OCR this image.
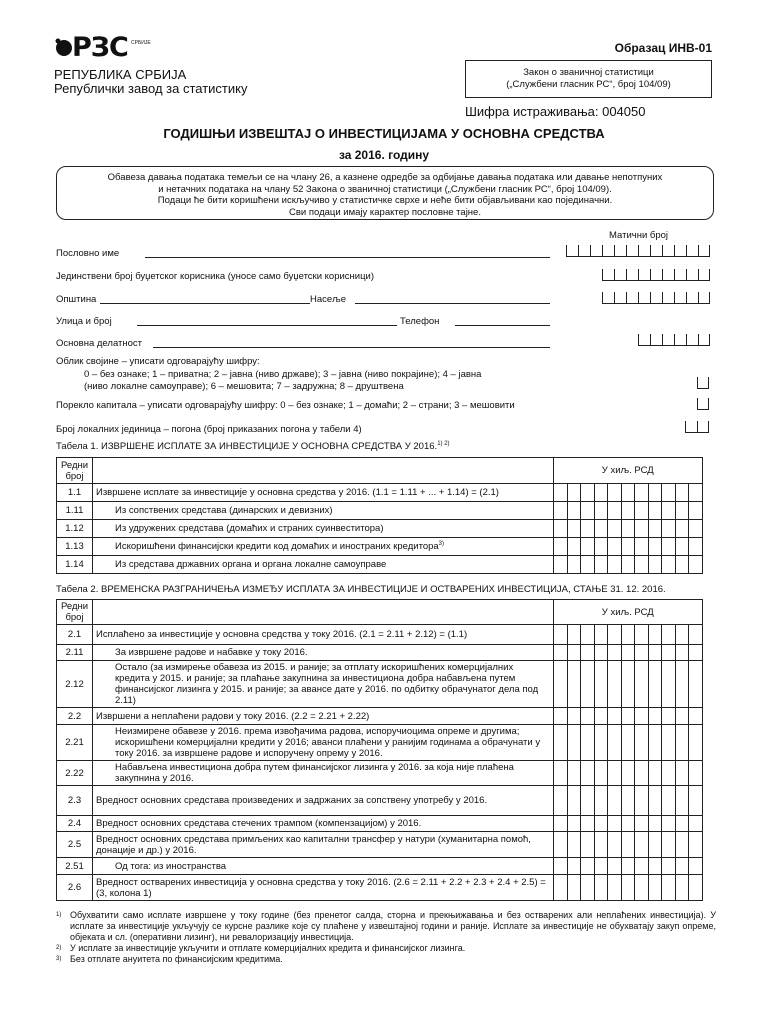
РЗС СРБИЈЕ	Образац ИНВ-01
РЕПУБЛИКА СРБИЈА
Републички завод за статистику
Закон о званичној статистици
(„Службени гласник РС“, број 104/09)
Шифра истраживања: 004050
ГОДИШЊИ ИЗВЕШТАЈ О ИНВЕСТИЦИЈАМА У ОСНОВНА СРЕДСТВА
за 2016. годину
Обавеза давања података темељи се на члану 26, а казнене одредбе за одбијање давања података или давање непотпуних
и нетачних података на члану 52 Закона о званичној статистици („Службени гласник РС“, број 104/09).
Подаци ће бити коришћени искључиво у статистичке сврхе и неће бити објављивани као појединачни.
Сви подаци имају карактер пословне тајне.
Матични број
Пословно име
Јединствени број буџетског корисника (уносе само буџетски корисници)
Општина	Насеље
Улица и број	Телефон
Основна делатност
Облик својине – уписати одговарајућу шифру:
0 – без ознаке; 1 – приватна; 2 – јавна (ниво државе); 3 – јавна (ниво покрајине); 4 – јавна
(ниво локалне самоуправе); 6 – мешовита; 7 – задружна; 8 – друштвена
Порекло капитала – уписати одговарајућу шифру: 0 – без ознаке; 1 – домаћи; 2 – страни; 3 – мешовити
Број локалних јединица – погона (број приказаних погона у табели 4)
Табела 1. ИЗВРШЕНЕ ИСПЛАТЕ ЗА ИНВЕСТИЦИЈЕ У ОСНОВНА СРЕДСТВА У 2016.$^{1) 2)}$
Редни број		У хиљ. РСД										
1.1	Извршене исплате за инвестиције у основна средства у 2016. (1.1 = 1.11 + ... + 1.14) = (2.1)											
1.11	Из сопствених средстава (динарских и девизних)											
1.12	Из удружених средстава (домаћих и страних суинвеститора)											
1.13	Искоришћени финансијски кредити код домаћих и иностраних кредитора$^{3)}$											
1.14	Из средстава државних органа и органа локалне самоуправе											
Табела 2. ВРЕМЕНСКА РАЗГРАНИЧЕЊА ИЗМЕЂУ ИСПЛАТА ЗА ИНВЕСТИЦИЈЕ И ОСТВАРЕНИХ ИНВЕСТИЦИЈА, СТАЊЕ 31. 12. 2016.
Редни број		У хиљ. РСД										
2.1	Исплаћено за инвестиције у основна средства у току 2016. (2.1 = 2.11 + 2.12) = (1.1)											
2.11	За извршене радове и набавке у току 2016.											
2.12	Остало (за измирење обавеза из 2015. и раније; за отплату искоришћених комерцијалних кредита у 2015. и раније; за плаћање закупнина за инвестициона добра набављена путем финансијског лизинга у 2015. и раније; за авансе дате у 2016. по одбитку обрачунатог дела под 2.11)											
2.2	Извршени а неплаћени радови у току 2016. (2.2 = 2.21 + 2.22)											
2.21	Неизмирене обавезе у 2016. према извођачима радова, испоручиоцима опреме и другима; искоришћени комерцијални кредити у 2016; аванси плаћени у ранијим годинама а обрачунати у току 2016. за извршене радове и испоручену опрему у 2016.											
2.22	Набављена инвестициона добра путем финансијског лизинга у 2016. за која није плаћена закупнина у 2016.											
2.3	Вредност основних средстава произведених и задржаних за сопствену употребу у 2016.											
2.4	Вредност основних средстава стечених трампом (компензацијом) у 2016.											
2.5	Вредност основних средстава примљених као капитални трансфер у натури (хуманитарна помоћ, донације и др.) у 2016.											
2.51	Од тога: из иностранства											
2.6	Вредност остварених инвестиција у основна средства у току 2016. (2.6 = 2.11 + 2.2 + 2.3 + 2.4 + 2.5) = (3, колона 1)											
1) Обухватити само исплате извршене у току године (без пренетог салда, сторна и прекњижавања и без остварених али неплаћених инвестиција). У исплате за инвестиције укључују се курсне разлике које су плаћене у извештајној години и раније. Исплате за инвестиције не обухватају закуп опреме, објеката и сл. (оперативни лизинг), ни ревалоризацију инвестиција.
2) У исплате за инвестиције укључити и отплате комерцијалних кредита и финансијског лизинга.
3) Без отплате ануитета по финансијским кредитима.
